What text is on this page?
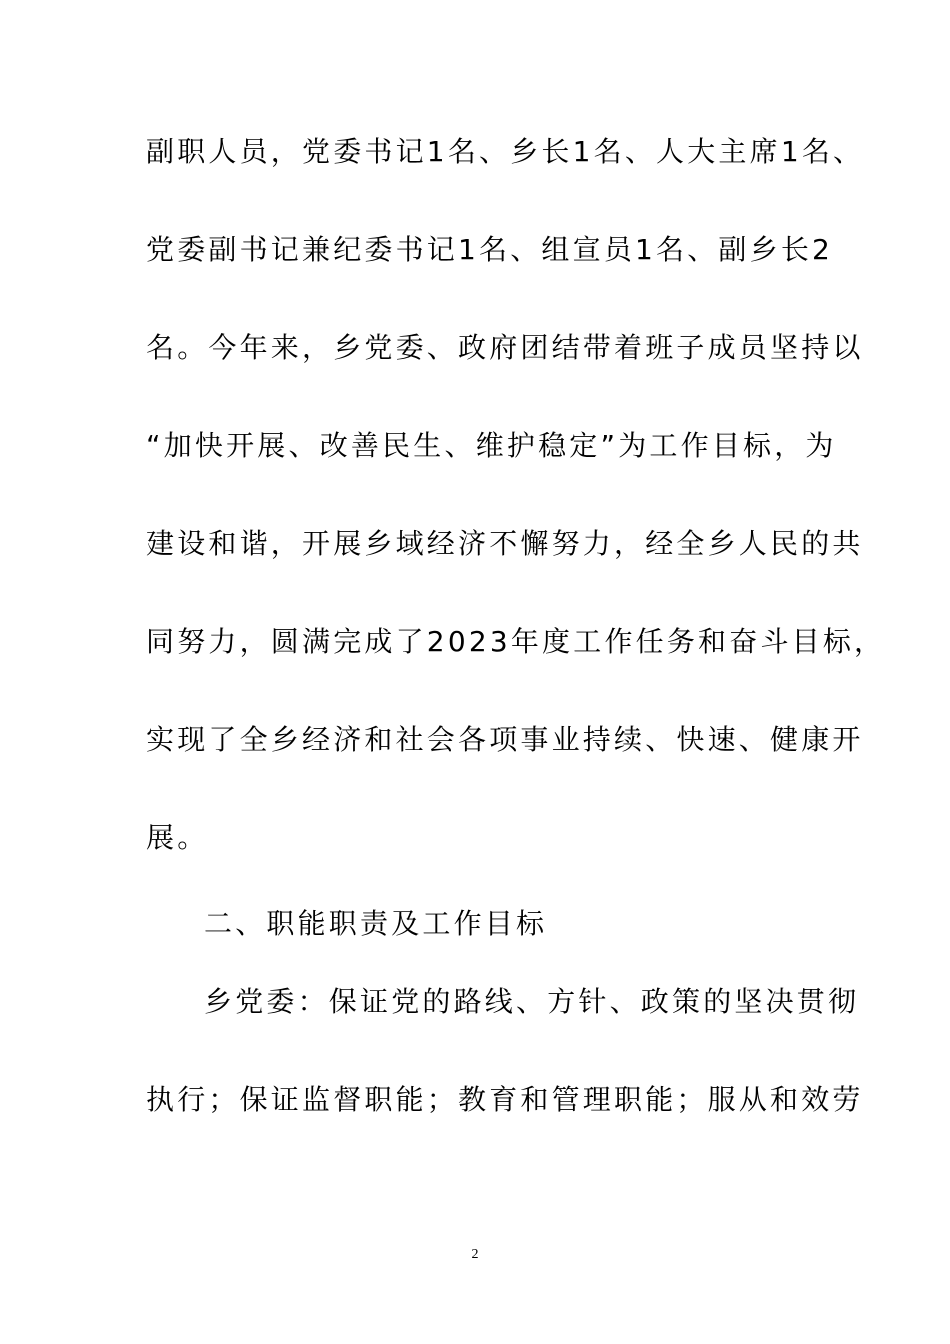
副职人员，党委书记1名、乡长1名、人大主席1名、
党委副书记兼纪委书记1名、组宣员1名、副乡长2
名。今年来，乡党委、政府团结带着班子成员坚持以
“加快开展、改善民生、维护稳定”为工作目标，为
建设和谐，开展乡域经济不懈努力，经全乡人民的共
同努力，圆满完成了2023年度工作任务和奋斗目标，
实现了全乡经济和社会各项事业持续、快速、健康开
展。
二、职能职责及工作目标
乡党委：保证党的路线、方针、政策的坚决贯彻
执行；保证监督职能；教育和管理职能；服从和效劳
2
